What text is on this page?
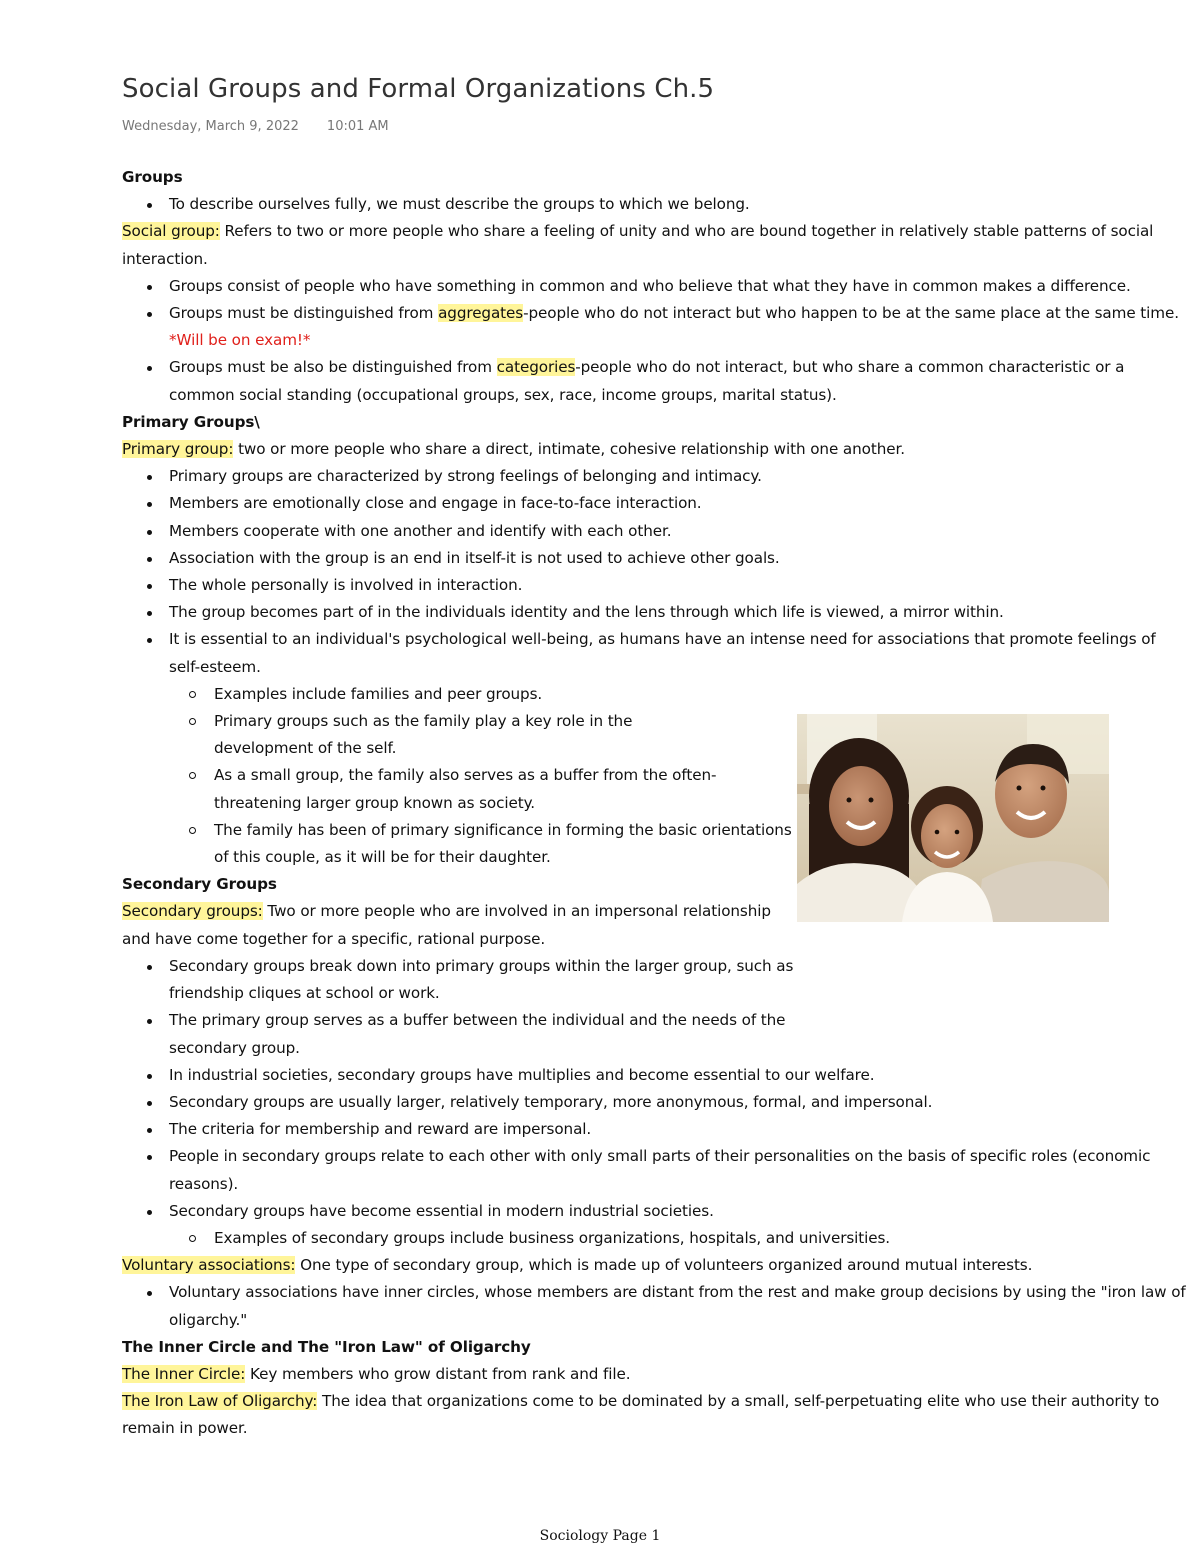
Social Groups and Formal Organizations Ch.5
Wednesday, March 9, 2022 10:01 AM

Groups

To describe ourselves fully, we must describe the groups to which we belong.

Social group: Refers to two or more people who share a feeling of unity and who are bound together in relatively stable patterns of social interaction.

Groups consist of people who have something in common and who believe that what they have in common makes a difference.
Groups must be distinguished from aggregates-people who do not interact but who happen to be at the same place at the same time. *Will be on exam!*
Groups must be also be distinguished from categories-people who do not interact, but who share a common characteristic or a common social standing (occupational groups, sex, race, income groups, marital status).

Primary Groups\

Primary group: two or more people who share a direct, intimate, cohesive relationship with one another.

Primary groups are characterized by strong feelings of belonging and intimacy.
Members are emotionally close and engage in face-to-face interaction.
Members cooperate with one another and identify with each other.
Association with the group is an end in itself-it is not used to achieve other goals.
The whole personally is involved in interaction.
The group becomes part of in the individuals identity and the lens through which life is viewed, a mirror within.
It is essential to an individual's psychological well-being, as humans have an intense need for associations that promote feelings of self-esteem.
Examples include families and peer groups.
Primary groups such as the family play a key role in the development of the self.
As a small group, the family also serves as a buffer from the often-threatening larger group known as society.
The family has been of primary significance in forming the basic orientations of this couple, as it will be for their daughter.

Secondary Groups

Secondary groups: Two or more people who are involved in an impersonal relationship and have come together for a specific, rational purpose.

Secondary groups break down into primary groups within the larger group, such as friendship cliques at school or work.
The primary group serves as a buffer between the individual and the needs of the secondary group.
In industrial societies, secondary groups have multiplies and become essential to our welfare.
Secondary groups are usually larger, relatively temporary, more anonymous, formal, and impersonal.
The criteria for membership and reward are impersonal.
People in secondary groups relate to each other with only small parts of their personalities on the basis of specific roles (economic reasons).
Secondary groups have become essential in modern industrial societies.
Examples of secondary groups include business organizations, hospitals, and universities.

Voluntary associations: One type of secondary group, which is made up of volunteers organized around mutual interests.

Voluntary associations have inner circles, whose members are distant from the rest and make group decisions by using the "iron law of oligarchy."

The Inner Circle and The "Iron Law" of Oligarchy

The Inner Circle: Key members who grow distant from rank and file.

The Iron Law of Oligarchy: The idea that organizations come to be dominated by a small, self-perpetuating elite who use their authority to remain in power.

Sociology Page 1
